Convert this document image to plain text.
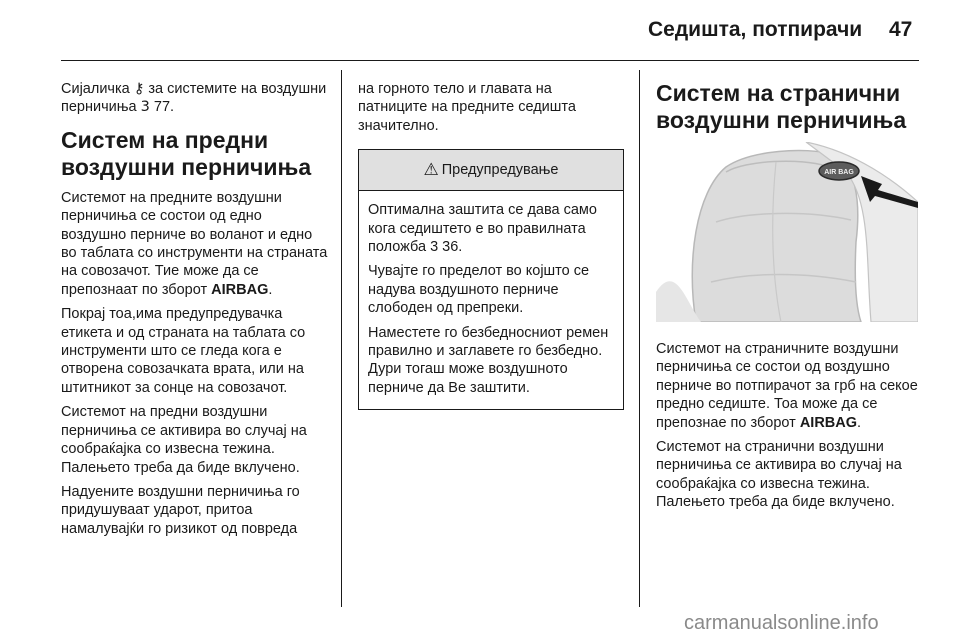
Седишта, потпирачи 47

Сијаличка ⚷ за системите на воздушни перничиња 3 77.

Систем на предни воздушни перничиња

Системот на предните воздушни перничиња се состои од едно воздушно перниче во воланот и едно во таблата со инструменти на страната на совозачот. Тие може да се препознаат по зборот AIRBAG.

Покрај тоа,има предупредувачка етикета и од страната на таблата со инструменти што се гледа кога е отворена совозачката врата, или на штитникот за сонце на совозачот.

Системот на предни воздушни перничиња се активира во случај на сообраќајка со извесна тежина. Палењето треба да биде вклучено.

Надуените воздушни перничиња го придушуваат ударот, притоа намалувајќи го ризикот од повреда

на горното тело и главата на патниците на предните седишта значително.

⚠ Предупредување

Оптимална заштита се дава само кога седиштето е во правилната положба 3 36.

Чувајте го пределот во којшто се надува воздушното перниче слободен од препреки.

Наместете го безбедносниот ремен правилно и заглавете го безбедно. Дури тогаш може воздушното перниче да Ве заштити.

Систем на странични воздушни перничиња
AIR BAG

Системот на страничните воздушни перничиња се состои од воздушно перниче во потпирачот за грб на секое предно седиште. Тоа може да се препознае по зборот AIRBAG.

Системот на странични воздушни перничиња се активира во случај на сообраќајка со извесна тежина. Палењето треба да биде вклучено.

carmanualsonline.info
